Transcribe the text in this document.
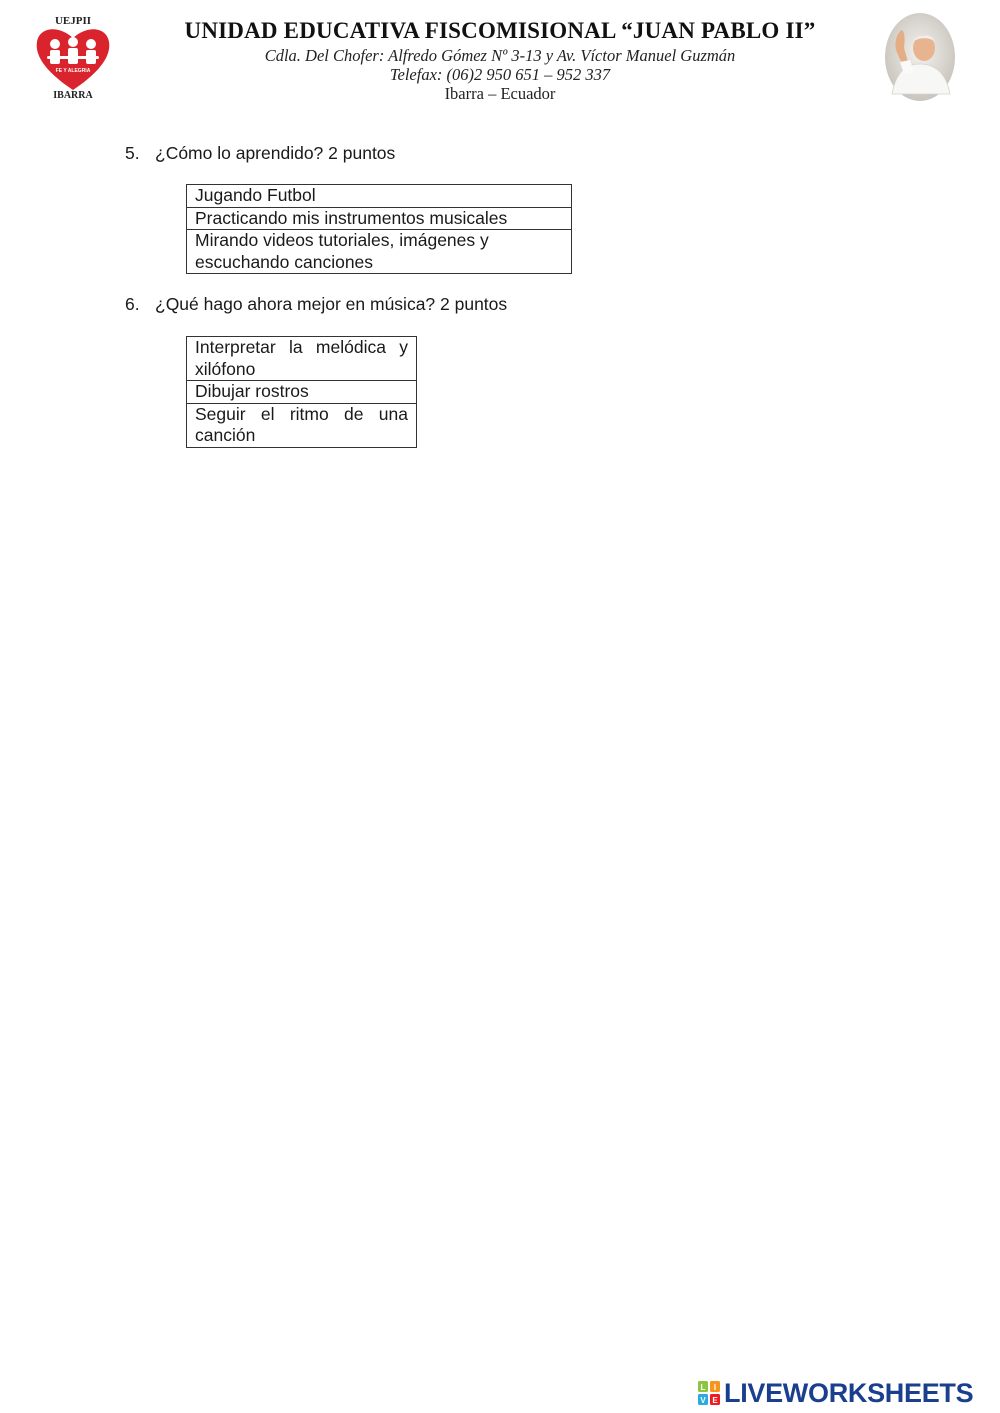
UEJPII
FE Y ALEGRIA
IBARRA
UNIDAD EDUCATIVA FISCOMISIONAL “JUAN PABLO II”
Cdla. Del Chofer: Alfredo Gómez Nº 3-13 y Av. Víctor Manuel Guzmán
Telefax: (06)2 950 651 – 952 337
Ibarra – Ecuador
5. ¿Cómo lo aprendido? 2 puntos
Jugando Futbol
Practicando mis instrumentos musicales
Mirando videos tutoriales, imágenes y escuchando canciones
6. ¿Qué hago ahora mejor en música? 2 puntos
Interpretar la melódica y xilófono
Dibujar rostros
Seguir el ritmo de una canción
L I
V E LIVEWORKSHEETS
